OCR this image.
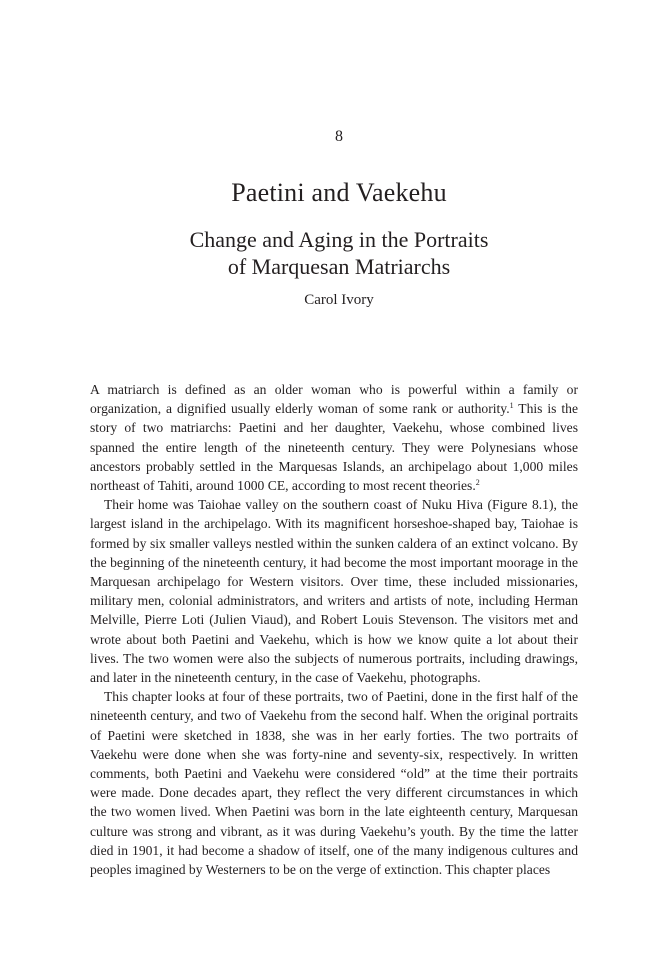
8
Paetini and Vaekehu
Change and Aging in the Portraits
of Marquesan Matriarchs
Carol Ivory

A matriarch is defined as an older woman who is powerful within a family or organization, a dignified usually elderly woman of some rank or authority.$^1$ This is the story of two matriarchs: Paetini and her daughter, Vaekehu, whose combined lives spanned the entire length of the nineteenth century. They were Polynesians whose ancestors probably settled in the Marquesas Islands, an archipelago about 1,000 miles northeast of Tahiti, around 1000 CE, according to most recent theories.$^2$

Their home was Taiohae valley on the southern coast of Nuku Hiva (Figure 8.1), the largest island in the archipelago. With its magnificent horseshoe-shaped bay, Taiohae is formed by six smaller valleys nestled within the sunken caldera of an extinct volcano. By the beginning of the nineteenth century, it had become the most important moorage in the Marquesan archipelago for Western visitors. Over time, these included missionaries, military men, colonial administrators, and writers and artists of note, including Herman Melville, Pierre Loti (Julien Viaud), and Robert Louis Stevenson. The visitors met and wrote about both Paetini and Vaekehu, which is how we know quite a lot about their lives. The two women were also the subjects of numerous portraits, including drawings, and later in the nineteenth century, in the case of Vaekehu, photographs.

This chapter looks at four of these portraits, two of Paetini, done in the first half of the nineteenth century, and two of Vaekehu from the second half. When the original portraits of Paetini were sketched in 1838, she was in her early forties. The two portraits of Vaekehu were done when she was forty-nine and seventy-six, respectively. In written comments, both Paetini and Vaekehu were considered “old” at the time their portraits were made. Done decades apart, they reflect the very different circumstances in which the two women lived. When Paetini was born in the late eighteenth century, Marquesan culture was strong and vibrant, as it was during Vaekehu’s youth. By the time the latter died in 1901, it had become a shadow of itself, one of the many indigenous cultures and peoples imagined by Westerners to be on the verge of extinction. This chapter places
